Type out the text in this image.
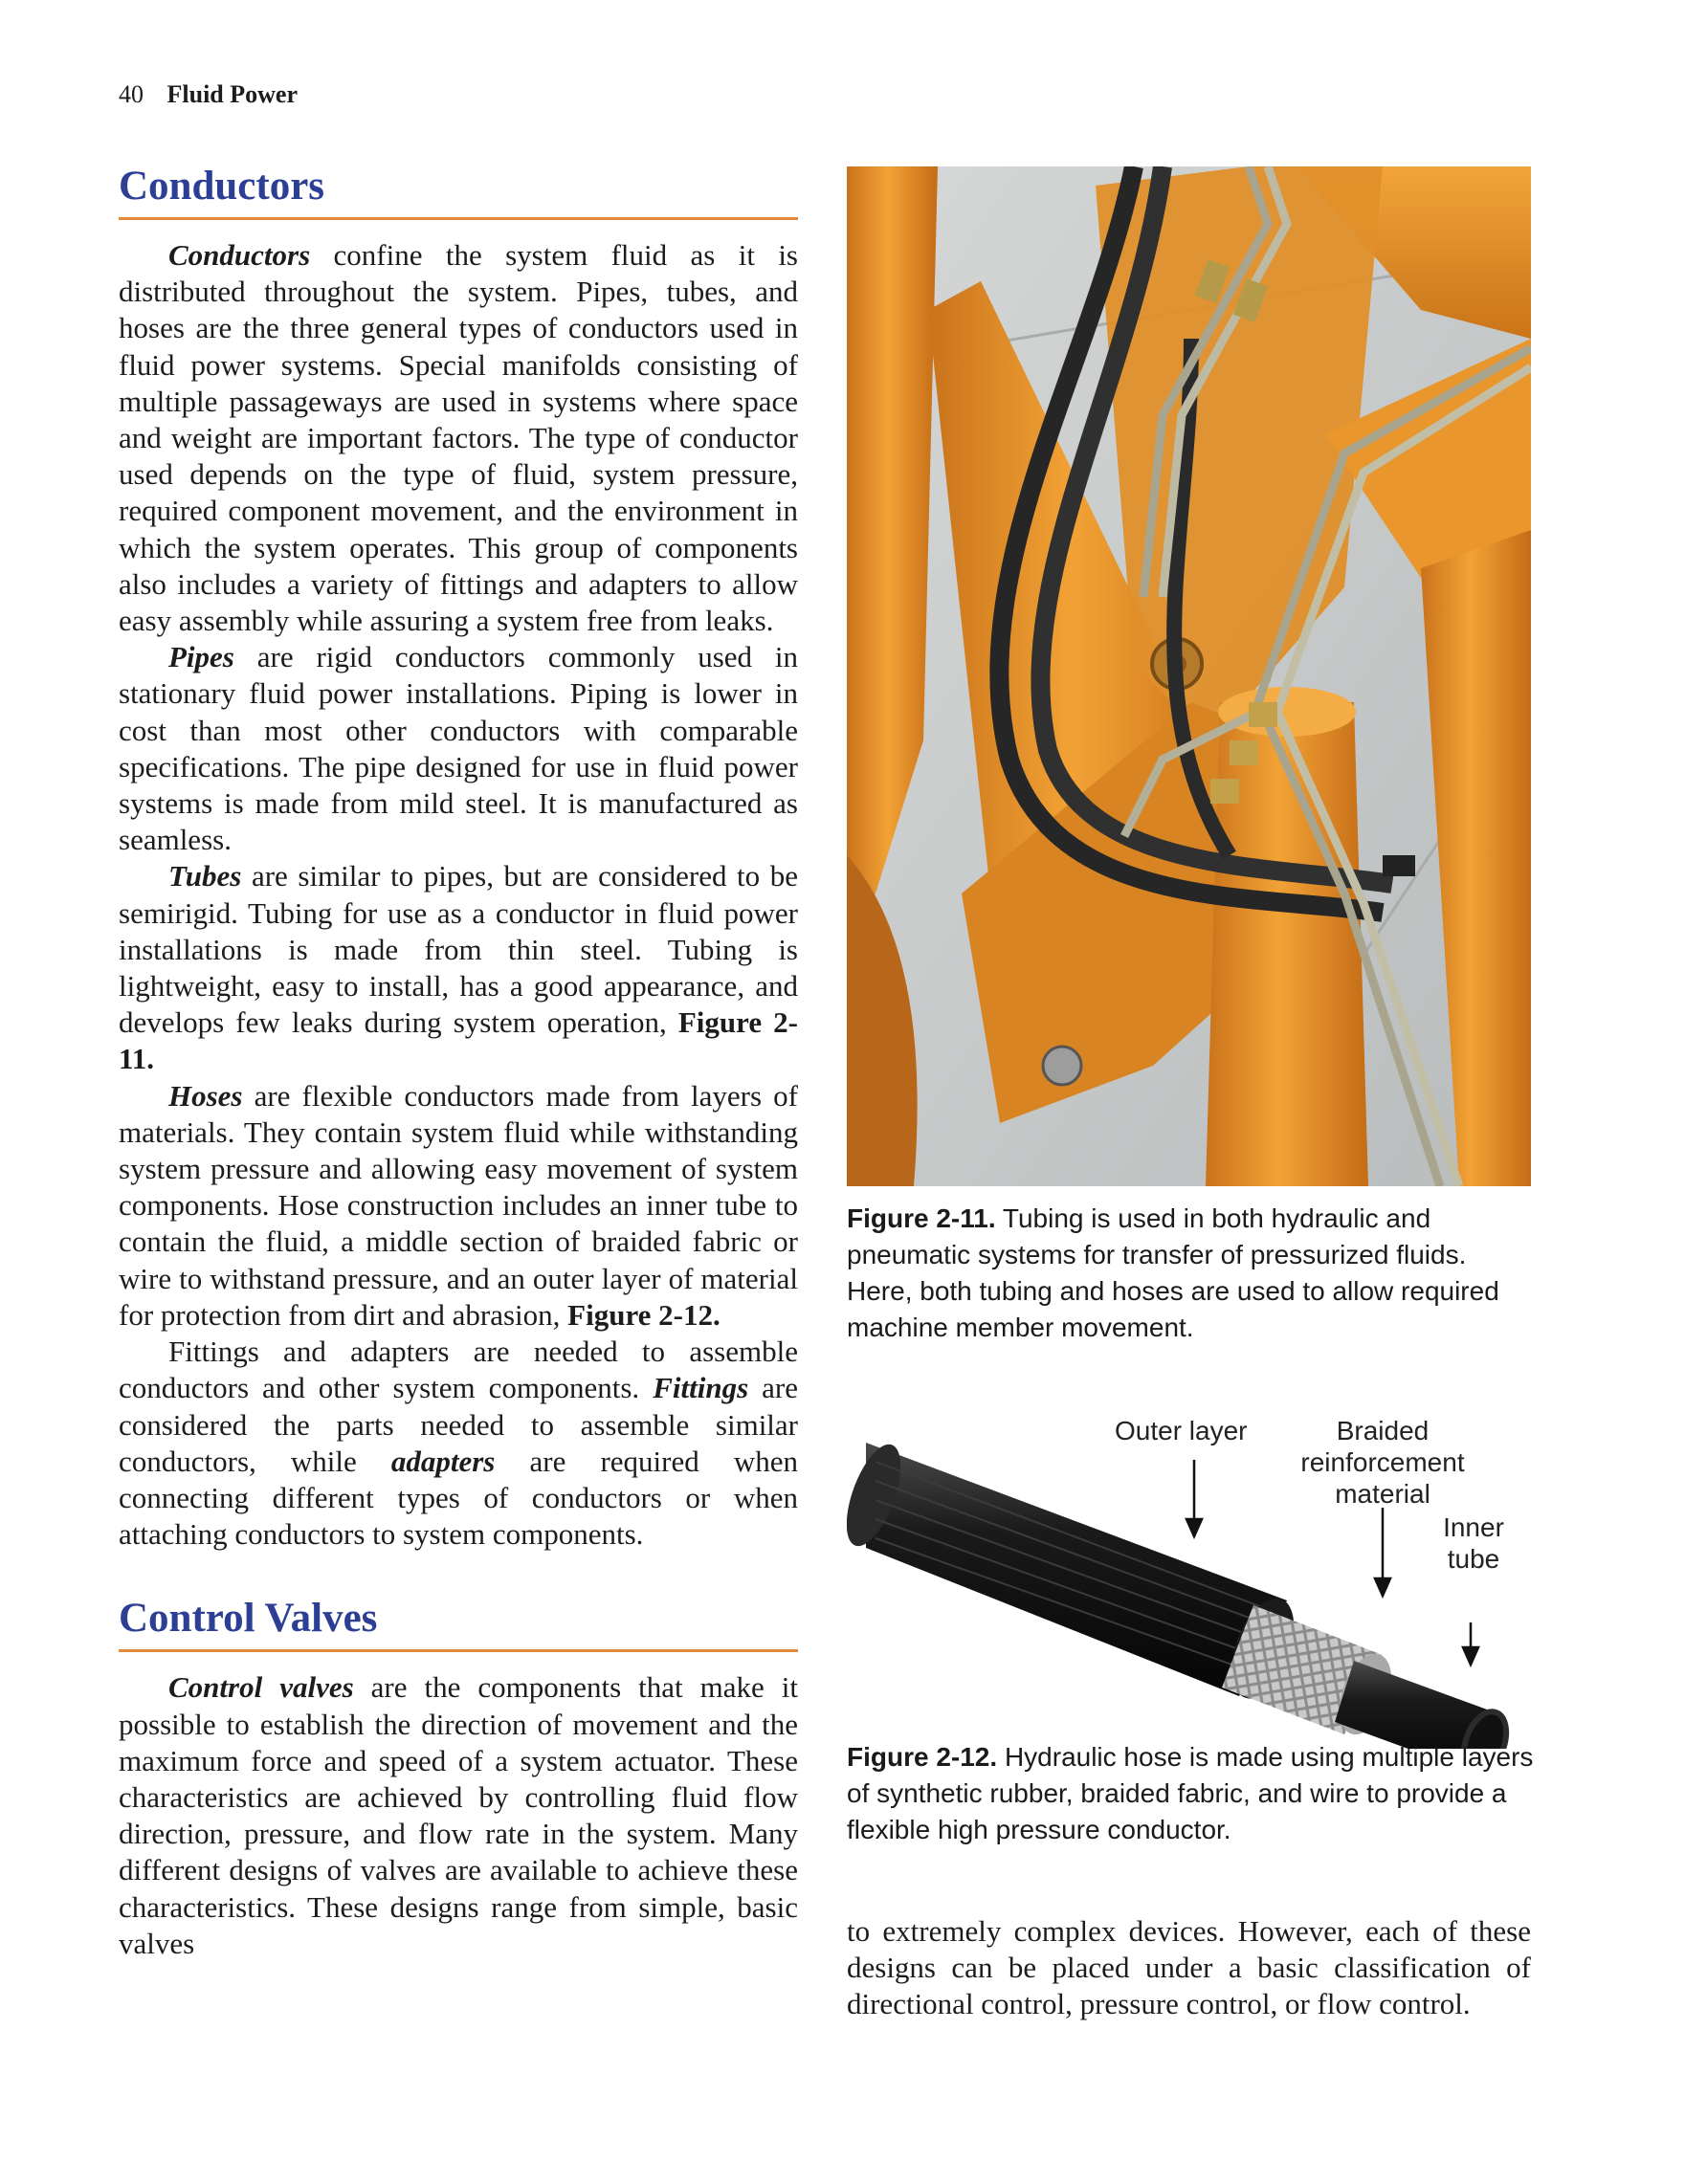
40 Fluid Power
Conductors

Conductors confine the system fluid as it is distributed throughout the system. Pipes, tubes, and hoses are the three general types of conductors used in fluid power systems. Special manifolds consisting of multiple passageways are used in systems where space and weight are important factors. The type of conductor used depends on the type of fluid, system pressure, required component movement, and the environment in which the system operates. This group of components also includes a variety of fittings and adapters to allow easy assembly while assuring a system free from leaks.

Pipes are rigid conductors commonly used in stationary fluid power installations. Piping is lower in cost than most other conductors with comparable specifications. The pipe designed for use in fluid power systems is made from mild steel. It is manufactured as seamless.

Tubes are similar to pipes, but are considered to be semirigid. Tubing for use as a conductor in fluid power installations is made from thin steel. Tubing is lightweight, easy to install, has a good appearance, and develops few leaks during system operation, Figure 2-11.

Hoses are flexible conductors made from layers of materials. They contain system fluid while withstanding system pressure and allowing easy movement of system components. Hose construction includes an inner tube to contain the fluid, a middle section of braided fabric or wire to withstand pressure, and an outer layer of material for protection from dirt and abrasion, Figure 2-12.

Fittings and adapters are needed to assemble conductors and other system components. Fittings are considered the parts needed to assemble similar conductors, while adapters are required when connecting different types of conductors or when attaching conductors to system components.

Control Valves

Control valves are the components that make it possible to establish the direction of movement and the maximum force and speed of a system actuator. These characteristics are achieved by controlling fluid flow direction, pressure, and flow rate in the system. Many different designs of valves are available to achieve these characteristics. These designs range from simple, basic valves

Figure 2-11. Tubing is used in both hydraulic and pneumatic systems for transfer of pressurized fluids. Here, both tubing and hoses are used to allow required machine member movement.
Outer layer	Braided
reinforcement
material
Inner
tube
Figure 2-12. Hydraulic hose is made using multiple layers of synthetic rubber, braided fabric, and wire to provide a flexible high pressure conductor.

to extremely complex devices. However, each of these designs can be placed under a basic classification of directional control, pressure control, or flow control.
